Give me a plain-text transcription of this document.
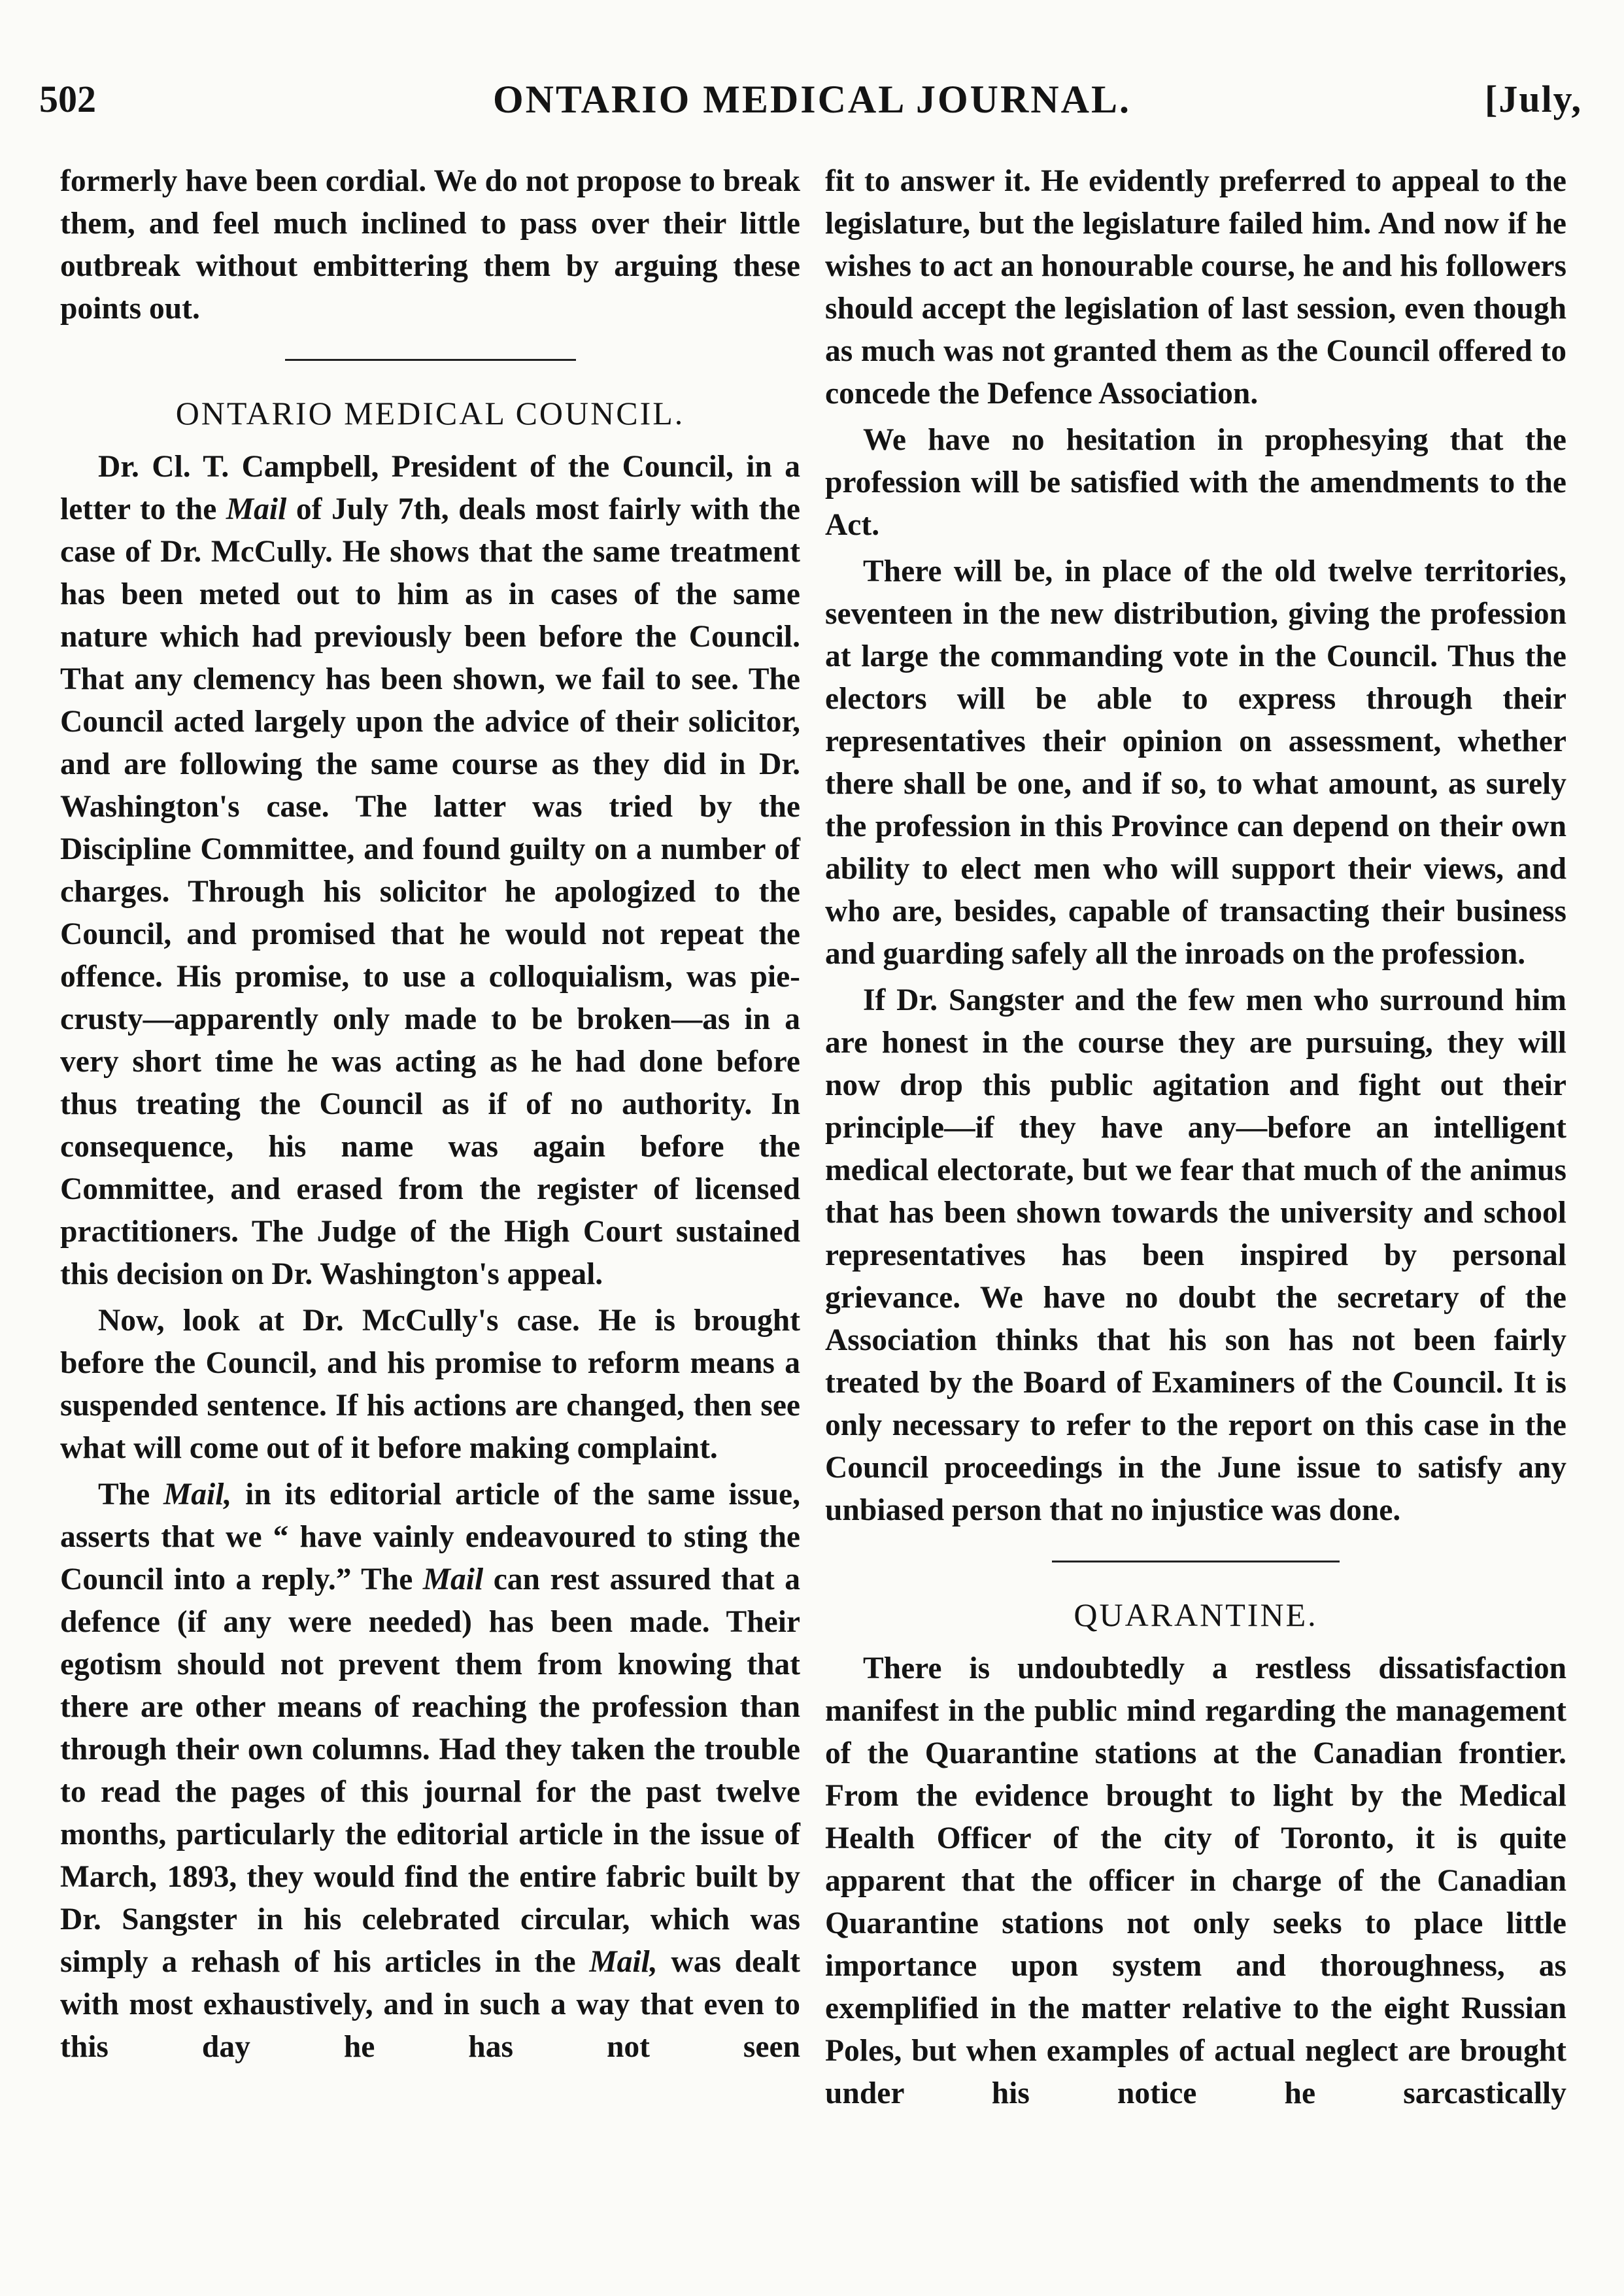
502	ONTARIO MEDICAL JOURNAL.	[July,

formerly have been cordial. We do not propose to break them, and feel much inclined to pass over their little outbreak without embittering them by arguing these points out.

ONTARIO MEDICAL COUNCIL.

Dr. Cl. T. Campbell, President of the Council, in a letter to the Mail of July 7th, deals most fairly with the case of Dr. McCully. He shows that the same treatment has been meted out to him as in cases of the same nature which had previously been before the Council. That any clemency has been shown, we fail to see. The Council acted largely upon the advice of their solicitor, and are following the same course as they did in Dr. Washington's case. The latter was tried by the Discipline Committee, and found guilty on a number of charges. Through his solicitor he apologized to the Council, and promised that he would not repeat the offence. His promise, to use a colloquialism, was pie-crusty—apparently only made to be broken—as in a very short time he was acting as he had done before thus treating the Council as if of no authority. In consequence, his name was again before the Committee, and erased from the register of licensed practitioners. The Judge of the High Court sustained this decision on Dr. Washington's appeal.

Now, look at Dr. McCully's case. He is brought before the Council, and his promise to reform means a suspended sentence. If his actions are changed, then see what will come out of it before making complaint.

The Mail, in its editorial article of the same issue, asserts that we “ have vainly endeavoured to sting the Council into a reply.” The Mail can rest assured that a defence (if any were needed) has been made. Their egotism should not prevent them from knowing that there are other means of reaching the profession than through their own columns. Had they taken the trouble to read the pages of this journal for the past twelve months, particularly the editorial article in the issue of March, 1893, they would find the entire fabric built by Dr. Sangster in his celebrated circular, which was simply a rehash of his articles in the Mail, was dealt with most exhaustively, and in such a way that even to this day he has not seen

fit to answer it. He evidently preferred to appeal to the legislature, but the legislature failed him. And now if he wishes to act an honourable course, he and his followers should accept the legislation of last session, even though as much was not granted them as the Council offered to concede the Defence Association.

We have no hesitation in prophesying that the profession will be satisfied with the amendments to the Act.

There will be, in place of the old twelve territories, seventeen in the new distribution, giving the profession at large the commanding vote in the Council. Thus the electors will be able to express through their representatives their opinion on assessment, whether there shall be one, and if so, to what amount, as surely the profession in this Province can depend on their own ability to elect men who will support their views, and who are, besides, capable of transacting their business and guarding safely all the inroads on the profession.

If Dr. Sangster and the few men who surround him are honest in the course they are pursuing, they will now drop this public agitation and fight out their principle—if they have any—before an intelligent medical electorate, but we fear that much of the animus that has been shown towards the university and school representatives has been inspired by personal grievance. We have no doubt the secretary of the Association thinks that his son has not been fairly treated by the Board of Examiners of the Council. It is only necessary to refer to the report on this case in the Council proceedings in the June issue to satisfy any unbiased person that no injustice was done.

QUARANTINE.

There is undoubtedly a restless dissatisfaction manifest in the public mind regarding the management of the Quarantine stations at the Canadian frontier. From the evidence brought to light by the Medical Health Officer of the city of Toronto, it is quite apparent that the officer in charge of the Canadian Quarantine stations not only seeks to place little importance upon system and thoroughness, as exemplified in the matter relative to the eight Russian Poles, but when examples of actual neglect are brought under his notice he sarcastically
